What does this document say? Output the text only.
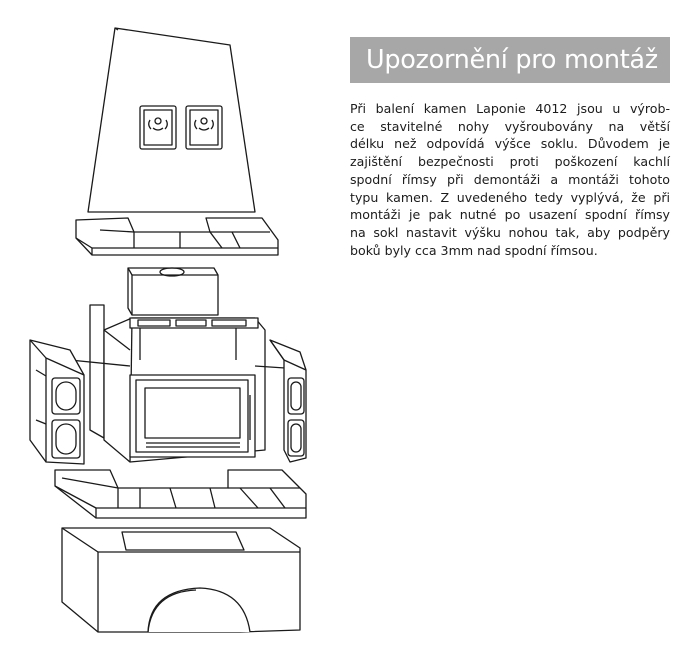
Upozornění pro montáž
Při balení kamen Laponie 4012 jsou u výrob-
ce stavitelné nohy vyšroubovány na větší
délku než odpovídá výšce soklu. Důvodem je
zajištění bezpečnosti proti poškození kachlí
spodní římsy při demontáži a montáži tohoto
typu kamen. Z uvedeného tedy vyplývá, že při
montáži je pak nutné po usazení spodní římsy
na sokl nastavit výšku nohou tak, aby podpěry
boků byly cca 3mm nad spodní římsou.
